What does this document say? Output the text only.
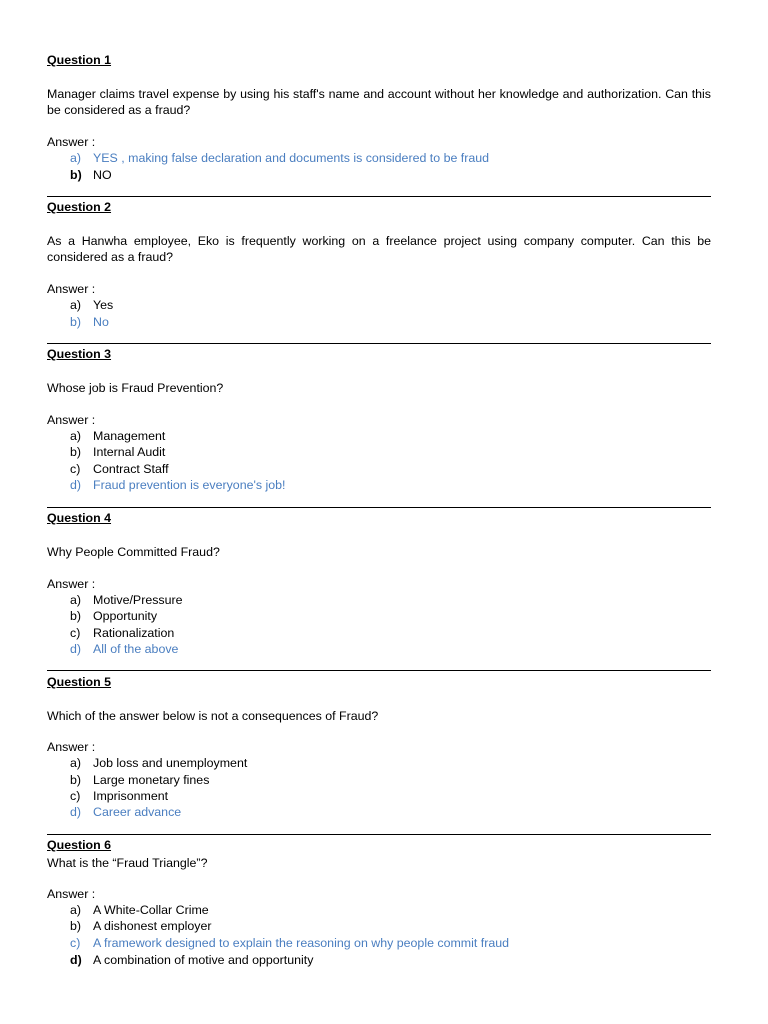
Question 1
Manager claims travel expense by using his staff's name and account without her knowledge and authorization. Can this be considered as a fraud?
Answer :
a) YES , making false declaration and documents is considered to be fraud
b) NO
Question 2
As a Hanwha employee, Eko is frequently working on a freelance project using company computer. Can this be considered as a fraud?
Answer :
a) Yes
b) No
Question 3
Whose job is Fraud Prevention?
Answer :
a) Management
b) Internal Audit
c)	Contract Staff
d) Fraud prevention is everyone's job!
Question 4
Why People Committed Fraud?
Answer :
a) Motive/Pressure
b) Opportunity
c)	Rationalization
d) All of the above
Question 5
Which of the answer below is not a consequences of Fraud?
Answer :
a) Job loss and unemployment
b) Large monetary fines
c)	Imprisonment
d) Career advance
Question 6
What is the “Fraud Triangle”?
Answer :
a) A White-Collar Crime
b) A dishonest employer
c)	A framework designed to explain the reasoning on why people commit fraud
d) A combination of motive and opportunity
